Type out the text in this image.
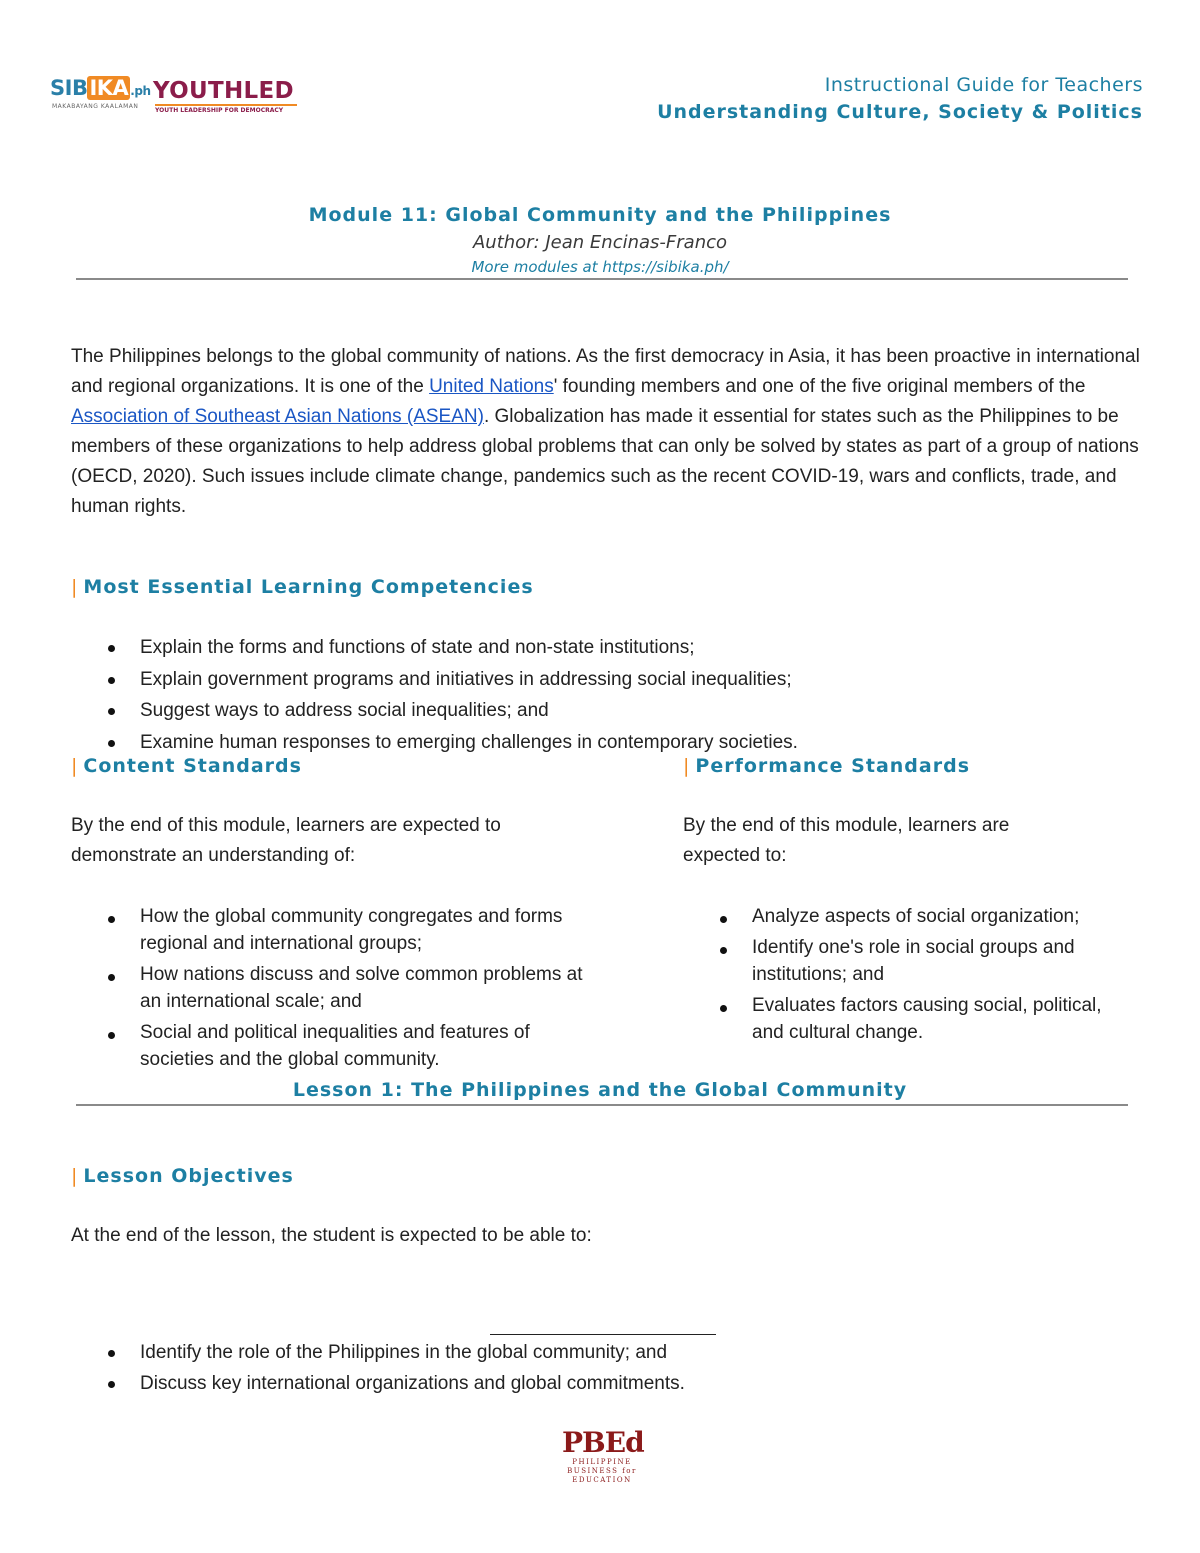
SIBIKA .ph
MAKABAYANG KAALAMAN
YOUTHLED
YOUTH LEADERSHIP FOR DEMOCRACY
Instructional Guide for Teachers
Understanding Culture, Society & Politics
Module 11: Global Community and the Philippines
Author: Jean Encinas-Franco
More modules at https://sibika.ph/
The Philippines belongs to the global community of nations. As the first democracy in Asia, it has been proactive in international and regional organizations. It is one of the United Nations' founding members and one of the five original members of the Association of Southeast Asian Nations (ASEAN). Globalization has made it essential for states such as the Philippines to be members of these organizations to help address global problems that can only be solved by states as part of a group of nations (OECD, 2020). Such issues include climate change, pandemics such as the recent COVID-19, wars and conflicts, trade, and human rights.
| Most Essential Learning Competencies
Explain the forms and functions of state and non-state institutions;
Explain government programs and initiatives in addressing social inequalities;
Suggest ways to address social inequalities; and
Examine human responses to emerging challenges in contemporary societies.
| Content Standards
By the end of this module, learners are expected to demonstrate an understanding of:
How the global community congregates and forms regional and international groups;
How nations discuss and solve common problems at an international scale; and
Social and political inequalities and features of societies and the global community.
| Performance Standards
By the end of this module, learners are expected to:
Analyze aspects of social organization;
Identify one's role in social groups and institutions; and
Evaluates factors causing social, political, and cultural change.
Lesson 1: The Philippines and the Global Community
| Lesson Objectives
At the end of the lesson, the student is expected to be able to:
Identify the role of the Philippines in the global community; and
Discuss key international organizations and global commitments.
PBEd
PHILIPPINE
BUSINESS for
EDUCATION
